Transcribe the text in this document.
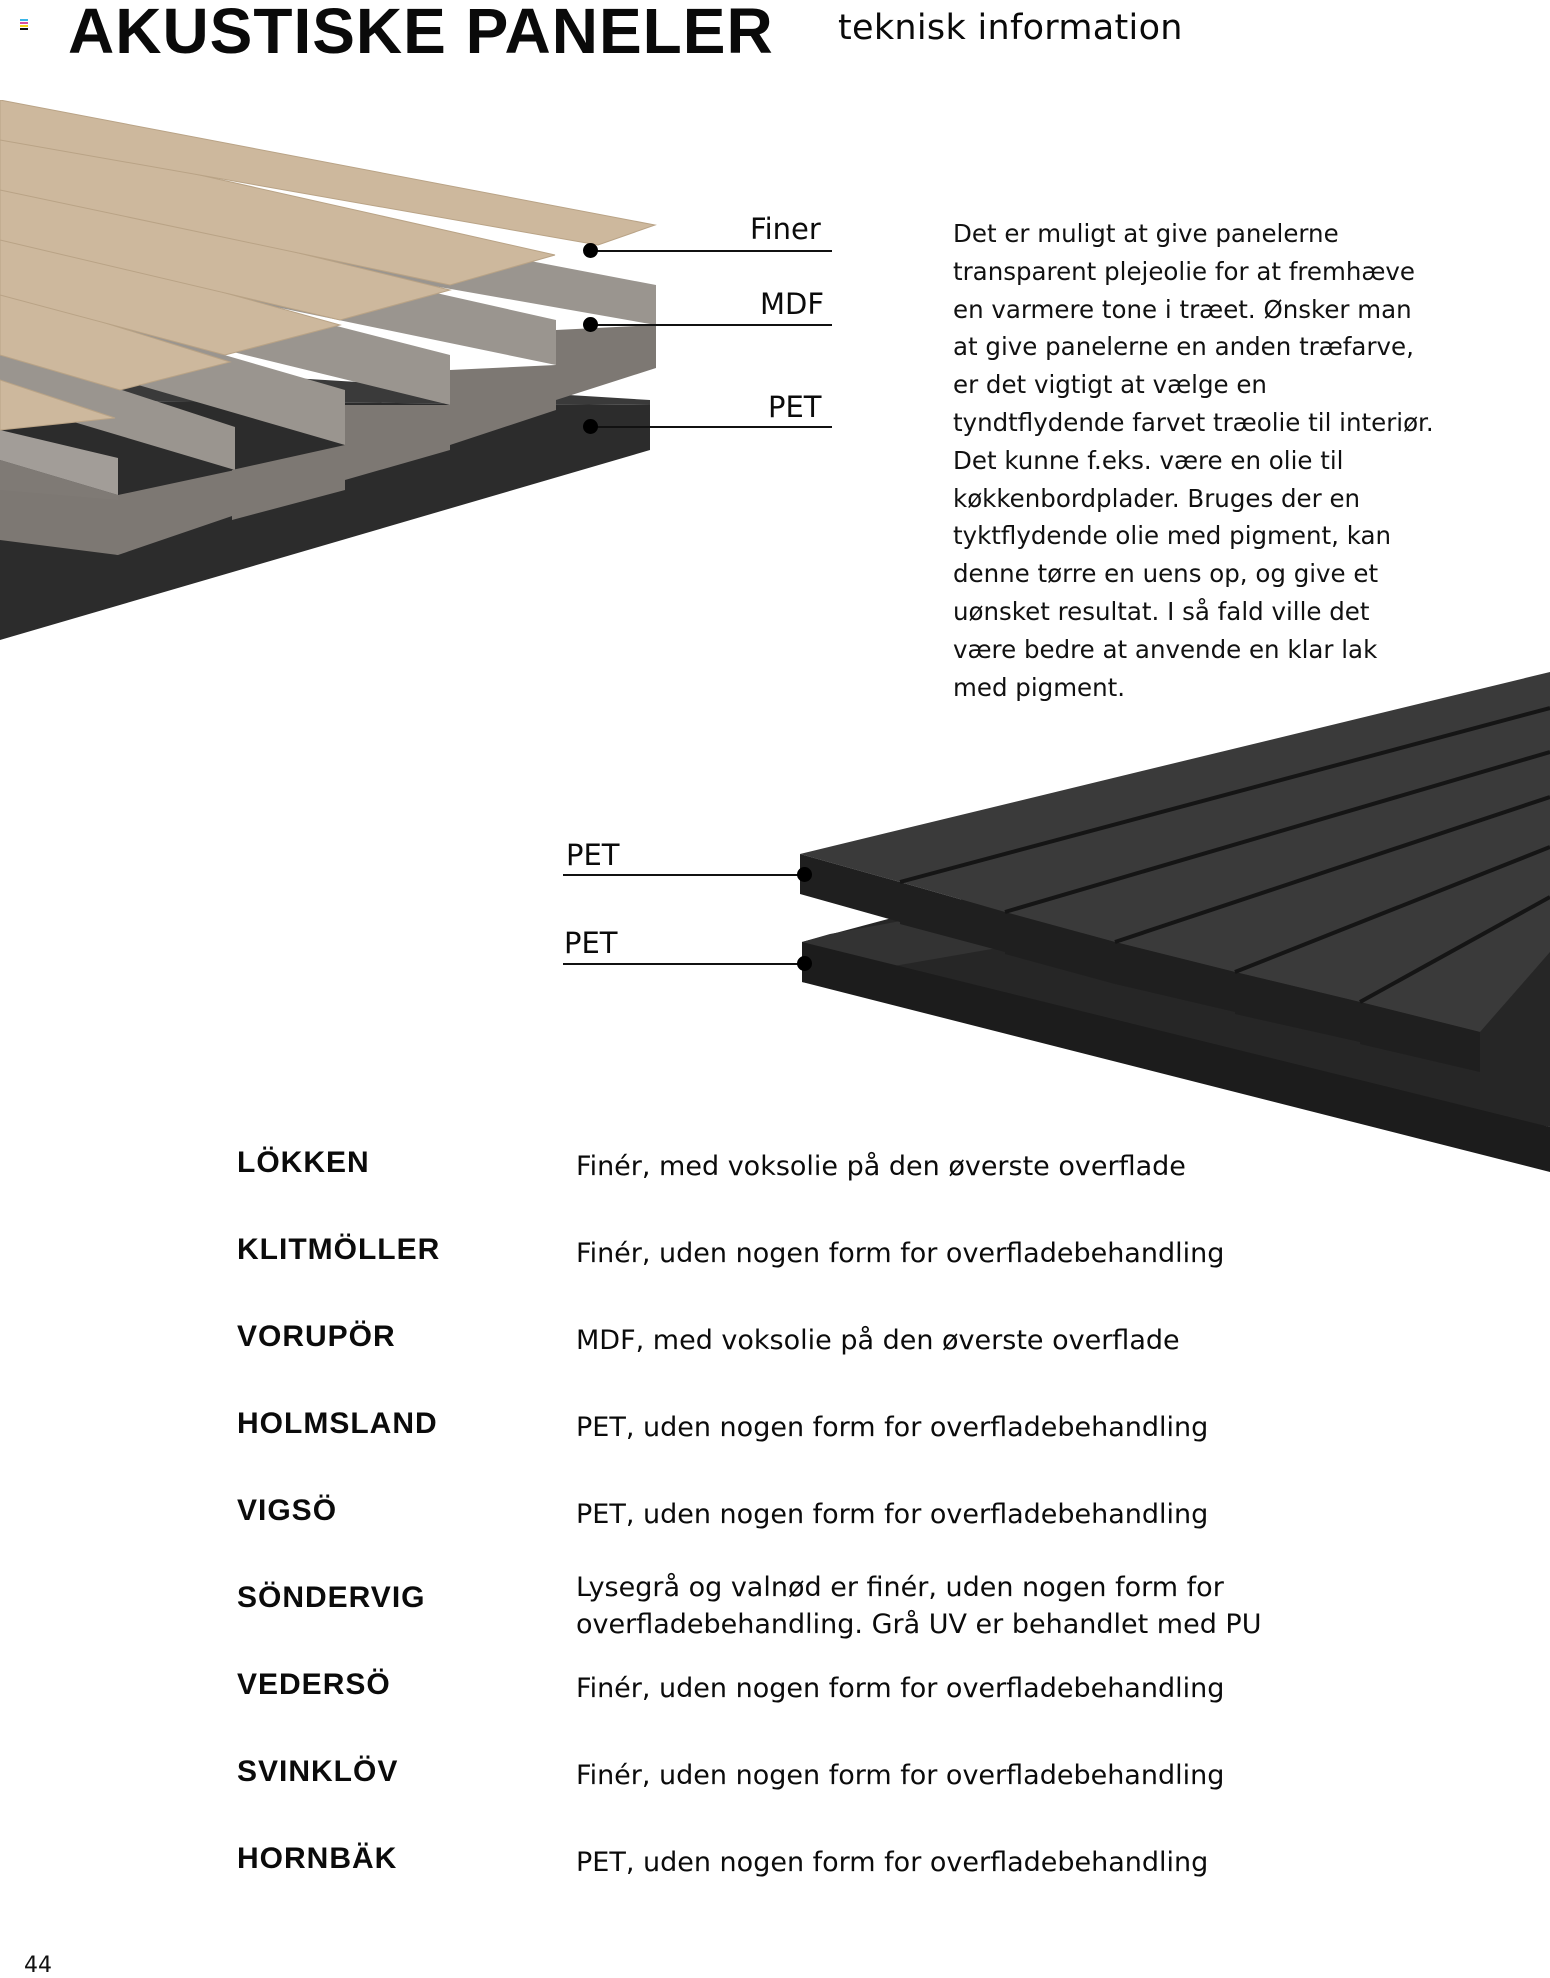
AKUSTISKE PANELER teknisk information
Finer
MDF
PET
Det er muligt at give panelerne
transparent plejeolie for at fremhæve
en varmere tone i træet. Ønsker man
at give panelerne en anden træfarve,
er det vigtigt at vælge en
tyndtflydende farvet træolie til interiør.
Det kunne f.eks. være en olie til
køkkenbordplader. Bruges der en
tyktflydende olie med pigment, kan
denne tørre en uens op, og give et
uønsket resultat. I så fald ville det
være bedre at anvende en klar lak
med pigment.
PET
PET
LÖKKEN	Finér, med voksolie på den øverste overflade
KLITMÖLLER	Finér, uden nogen form for overfladebehandling
VORUPÖR	MDF, med voksolie på den øverste overflade
HOLMSLAND	PET, uden nogen form for overfladebehandling
VIGSÖ	PET, uden nogen form for overfladebehandling
SÖNDERVIG	Lysegrå og valnød er finér, uden nogen form for
overfladebehandling. Grå UV er behandlet med PU
VEDERSÖ	Finér, uden nogen form for overfladebehandling
SVINKLÖV	Finér, uden nogen form for overfladebehandling
HORNBÄK	PET, uden nogen form for overfladebehandling
44
